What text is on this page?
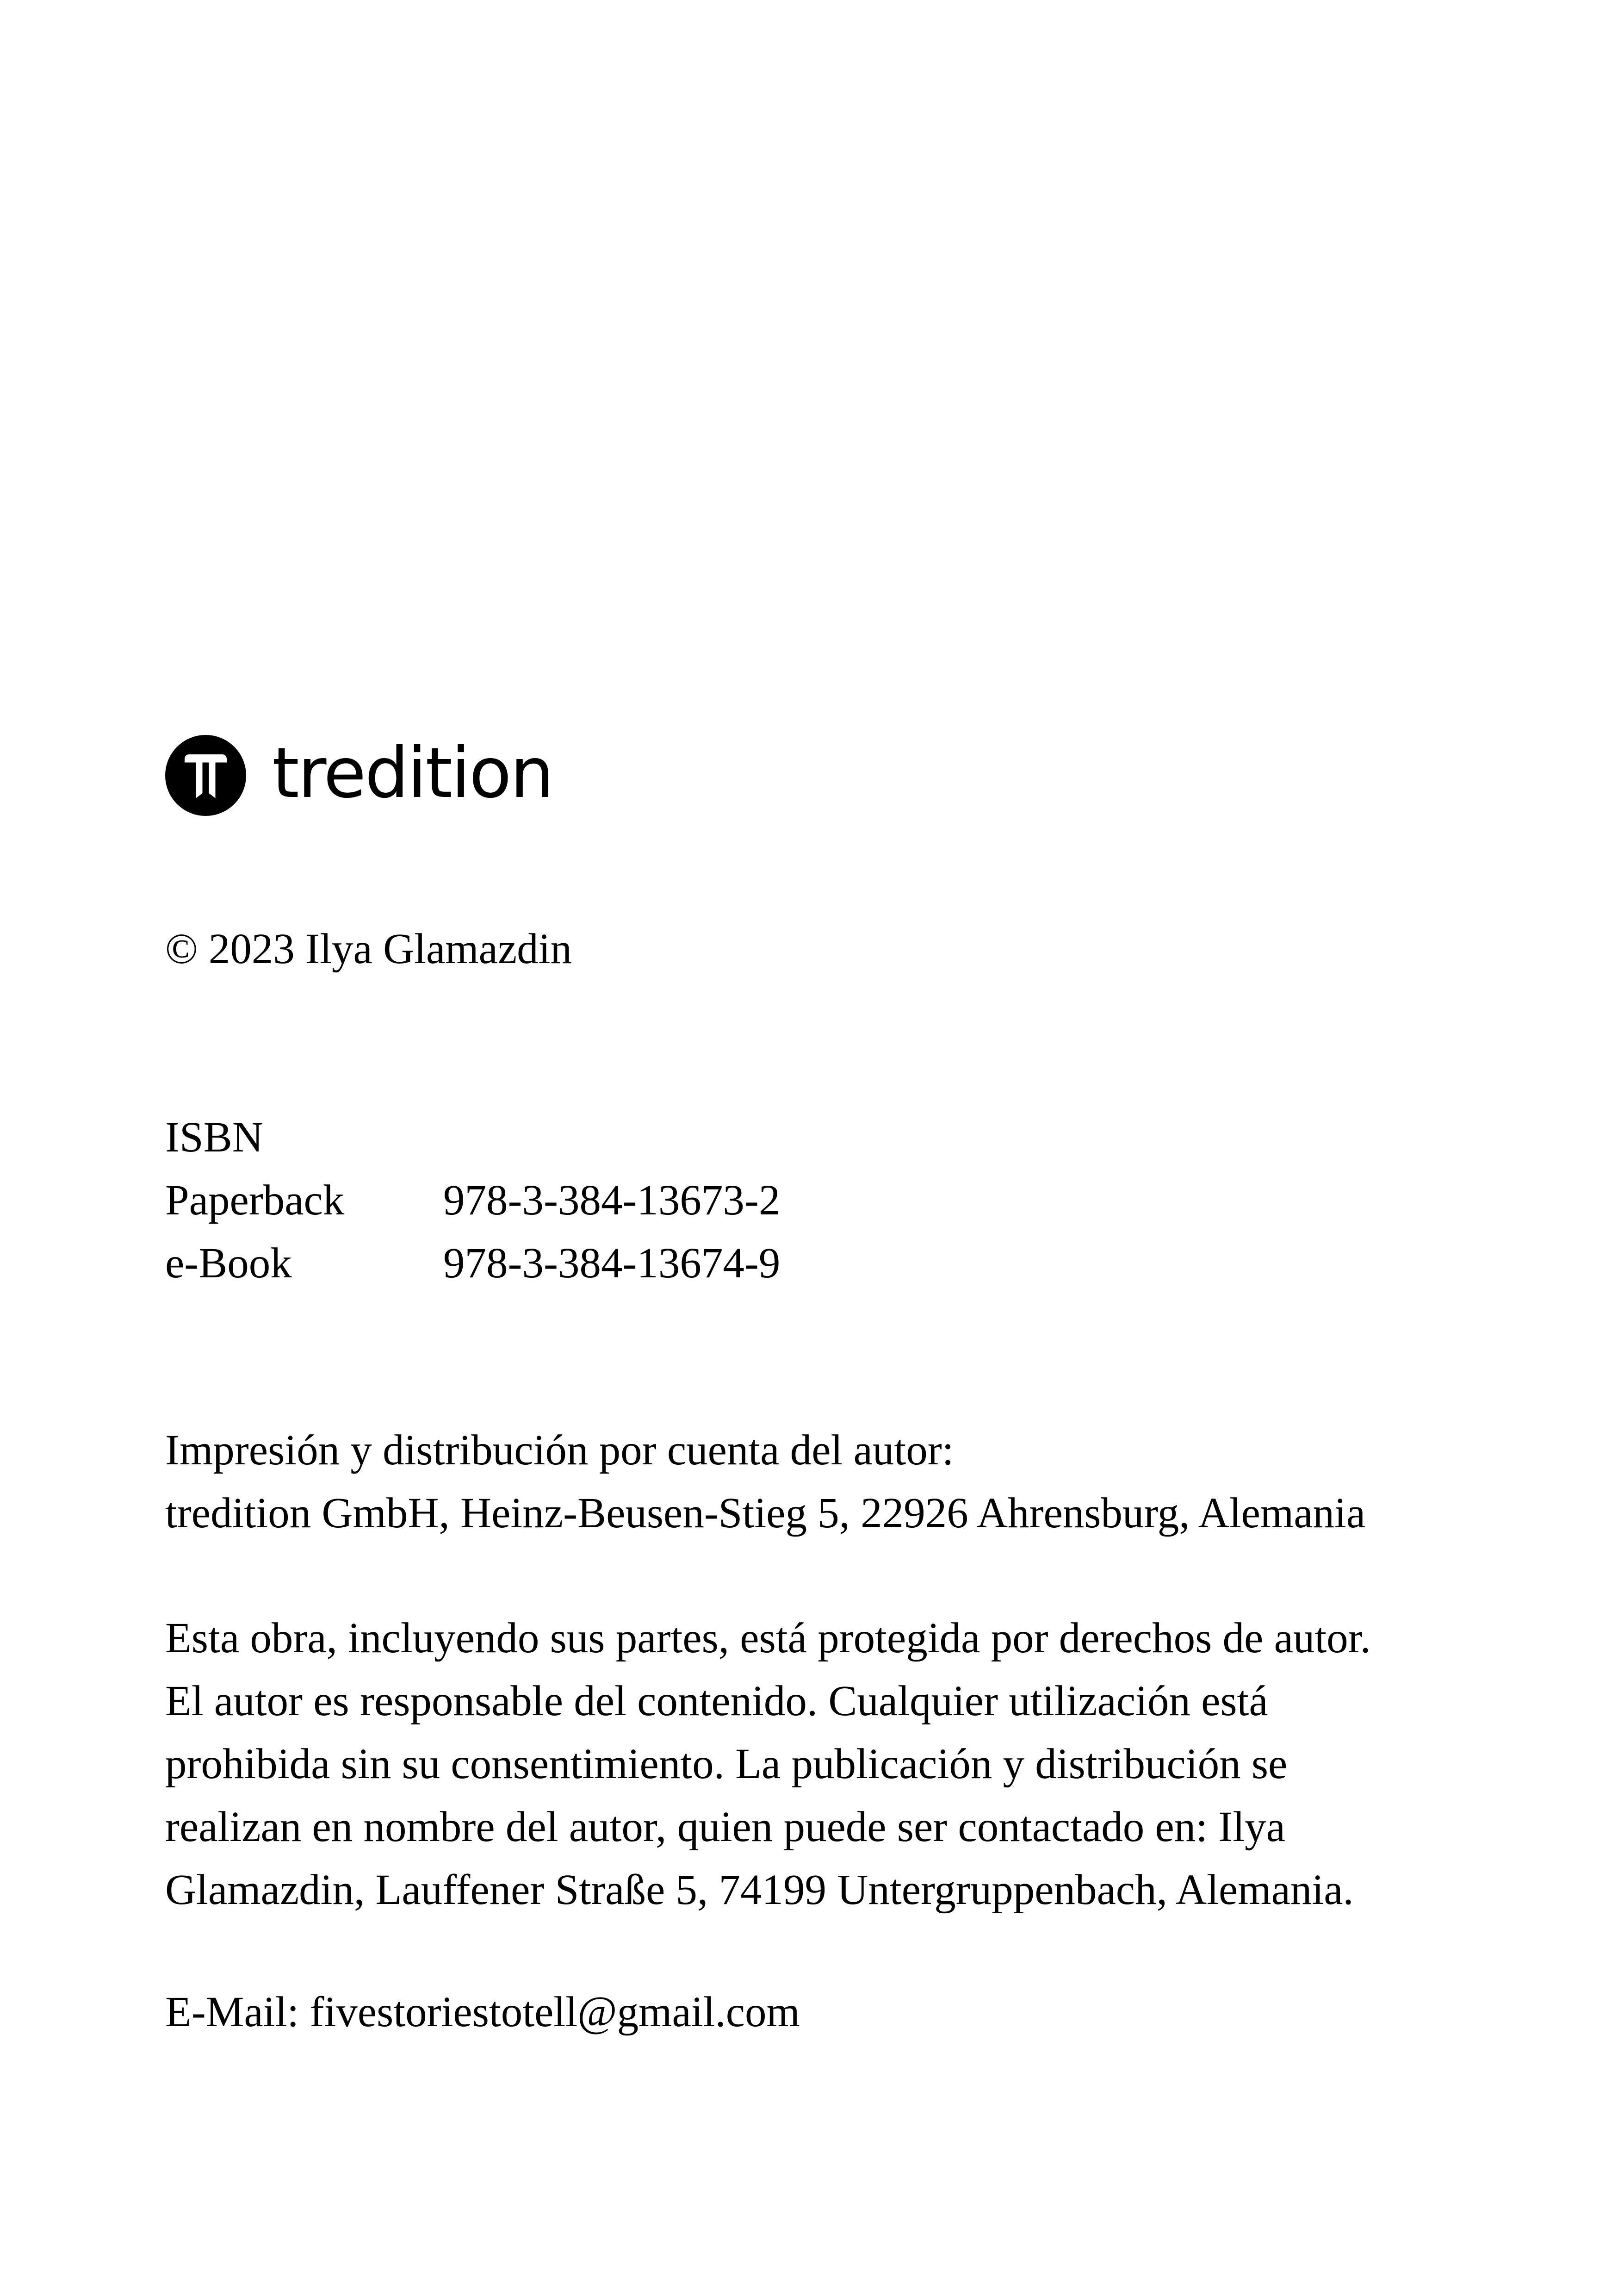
tredition
© 2023 Ilya Glamazdin
ISBN
Paperback	978-3-384-13673-2
e-Book	978-3-384-13674-9
Impresión y distribución por cuenta del autor:
tredition GmbH, Heinz-Beusen-Stieg 5, 22926 Ahrensburg, Alemania
Esta obra, incluyendo sus partes, está protegida por derechos de autor.
El autor es responsable del contenido. Cualquier utilización está
prohibida sin su consentimiento. La publicación y distribución se
realizan en nombre del autor, quien puede ser contactado en: Ilya
Glamazdin, Lauffener Straße 5, 74199 Untergruppenbach, Alemania.
E-Mail: fivestoriestotell@gmail.com
